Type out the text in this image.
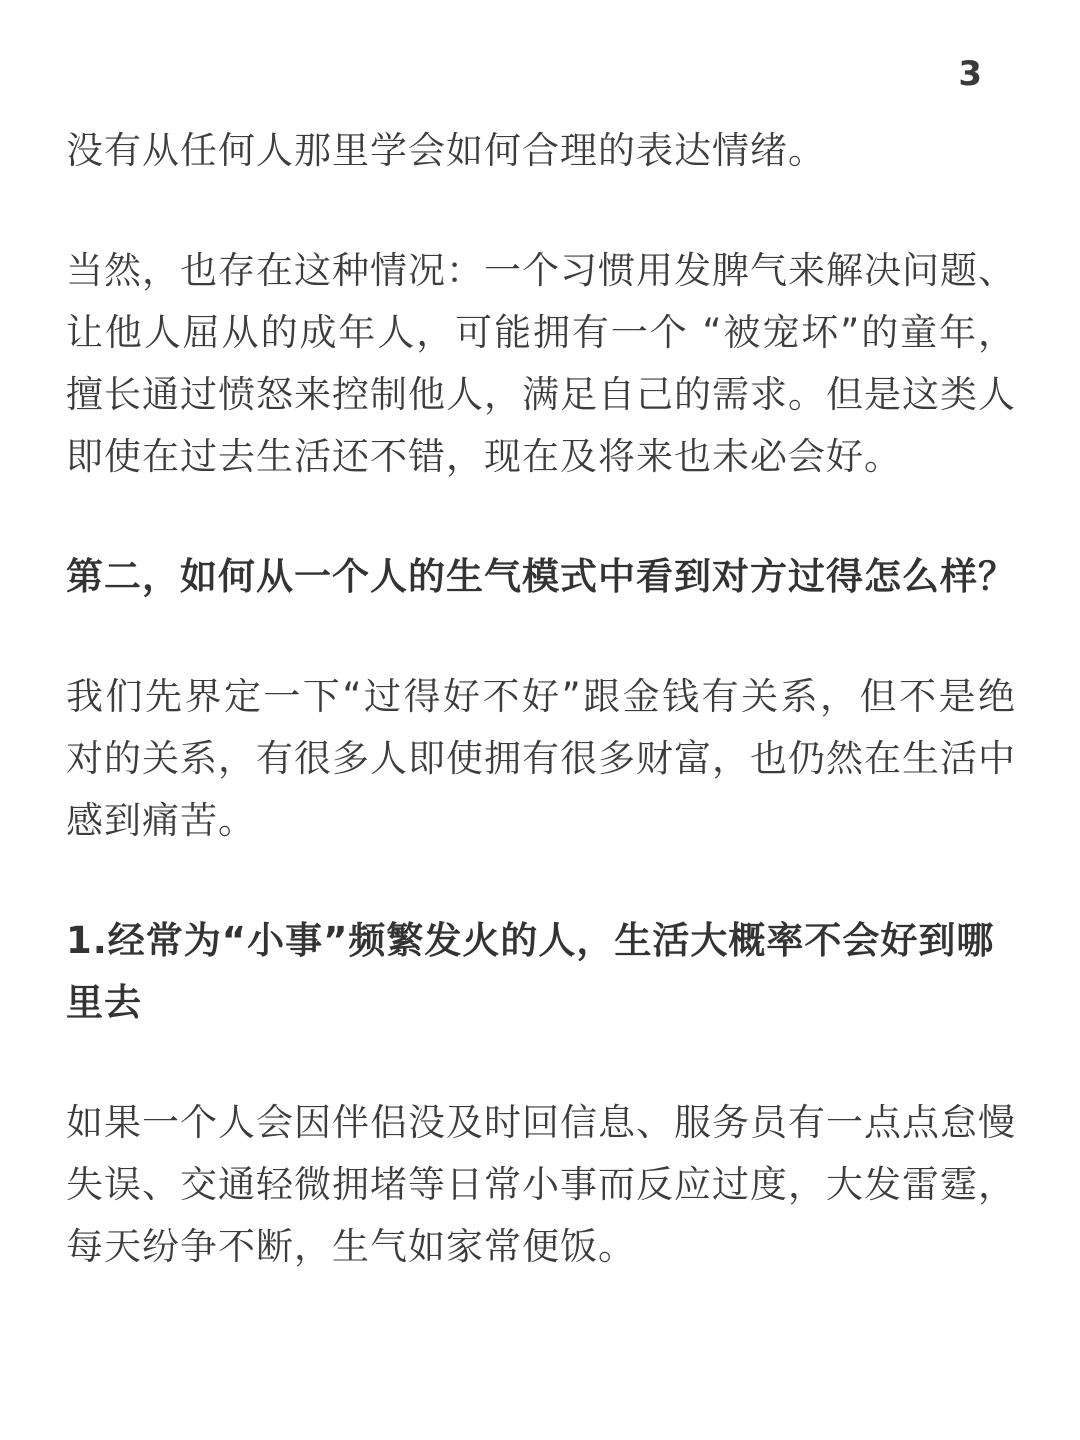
3

没有从任何人那里学会如何合理的表达情绪。

当然，也存在这种情况：一个习惯用发脾气来解决问题、让他人屈从的成年人，可能拥有一个 “被宠坏”的童年，擅长通过愤怒来控制他人，满足自己的需求。但是这类人即使在过去生活还不错，现在及将来也未必会好。

第二，如何从一个人的生气模式中看到对方过得怎么样？

我们先界定一下“过得好不好”跟金钱有关系，但不是绝对的关系，有很多人即使拥有很多财富，也仍然在生活中感到痛苦。

1.经常为“小事”频繁发火的人，生活大概率不会好到哪里去

如果一个人会因伴侣没及时回信息、服务员有一点点怠慢失误、交通轻微拥堵等日常小事而反应过度，大发雷霆，每天纷争不断，生气如家常便饭。
